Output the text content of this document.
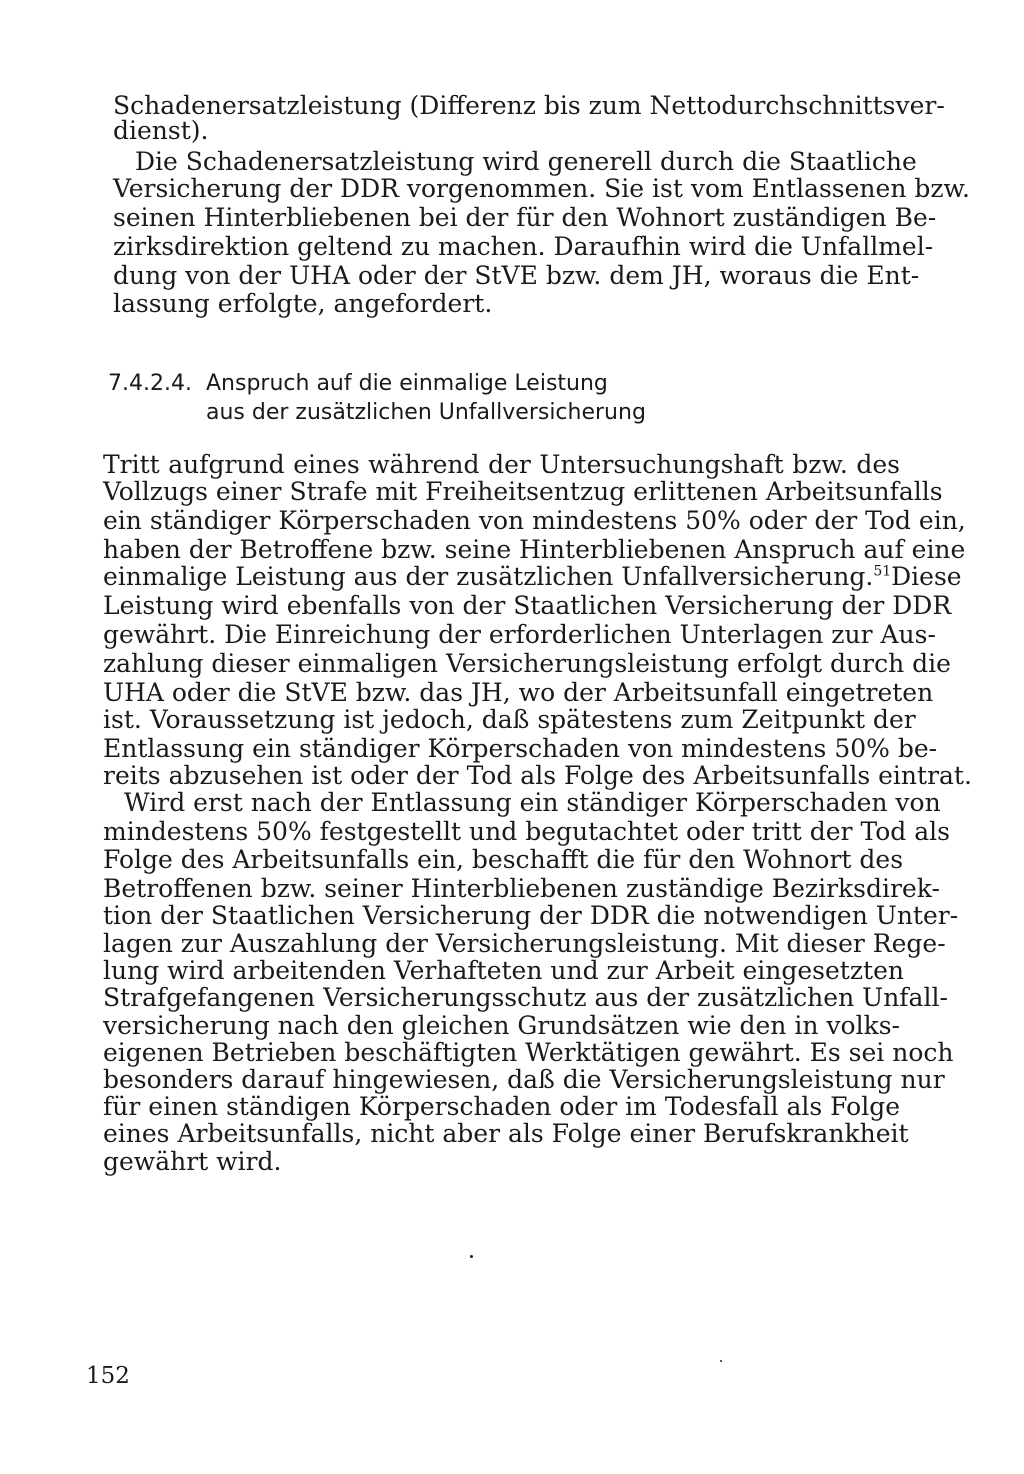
Schadenersatzleistung (Differenz bis zum Nettodurchschnittsver-
dienst).
Die Schadenersatzleistung wird generell durch die Staatliche
Versicherung der DDR vorgenommen. Sie ist vom Entlassenen bzw.
seinen Hinterbliebenen bei der für den Wohnort zuständigen Be-
zirksdirektion geltend zu machen. Daraufhin wird die Unfallmel-
dung von der UHA oder der StVE bzw. dem JH, woraus die Ent-
lassung erfolgte, angefordert.
7.4.2.4. Anspruch auf die einmalige Leistung
aus der zusätzlichen Unfallversicherung
Tritt aufgrund eines während der Untersuchungshaft bzw. des
Vollzugs einer Strafe mit Freiheitsentzug erlittenen Arbeitsunfalls
ein ständiger Körperschaden von mindestens 50% oder der Tod ein,
haben der Betroffene bzw. seine Hinterbliebenen Anspruch auf eine
einmalige Leistung aus der zusätzlichen Unfallversicherung.$^{51}$ Diese
Leistung wird ebenfalls von der Staatlichen Versicherung der DDR
gewährt. Die Einreichung der erforderlichen Unterlagen zur Aus-
zahlung dieser einmaligen Versicherungsleistung erfolgt durch die
UHA oder die StVE bzw. das JH, wo der Arbeitsunfall eingetreten
ist. Voraussetzung ist jedoch, daß spätestens zum Zeitpunkt der
Entlassung ein ständiger Körperschaden von mindestens 50% be-
reits abzusehen ist oder der Tod als Folge des Arbeitsunfalls eintrat.
Wird erst nach der Entlassung ein ständiger Körperschaden von
mindestens 50% festgestellt und begutachtet oder tritt der Tod als
Folge des Arbeitsunfalls ein, beschafft die für den Wohnort des
Betroffenen bzw. seiner Hinterbliebenen zuständige Bezirksdirek-
tion der Staatlichen Versicherung der DDR die notwendigen Unter-
lagen zur Auszahlung der Versicherungsleistung. Mit dieser Rege-
lung wird arbeitenden Verhafteten und zur Arbeit eingesetzten
Strafgefangenen Versicherungsschutz aus der zusätzlichen Unfall-
versicherung nach den gleichen Grundsätzen wie den in volks-
eigenen Betrieben beschäftigten Werktätigen gewährt. Es sei noch
besonders darauf hingewiesen, daß die Versicherungsleistung nur
für einen ständigen Körperschaden oder im Todesfall als Folge
eines Arbeitsunfalls, nicht aber als Folge einer Berufskrankheit
gewährt wird.
152
